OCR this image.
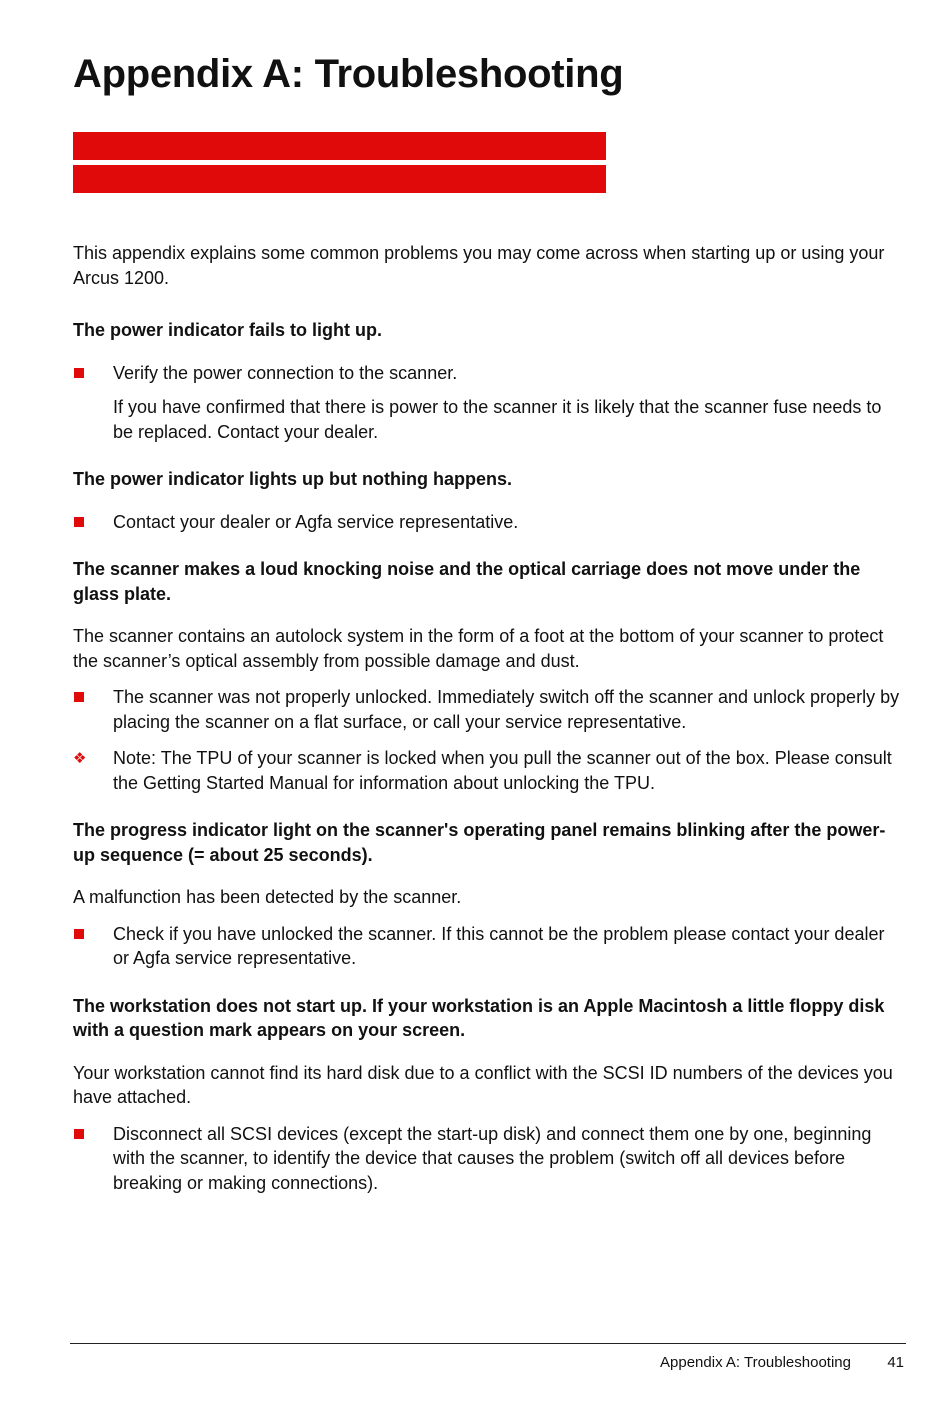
Appendix A: Troubleshooting

This appendix explains some common problems you may come across when starting up or using your Arcus 1200.

The power indicator fails to light up.

Verify the power connection to the scanner.

If you have confirmed that there is power to the scanner it is likely that the scanner fuse needs to be replaced. Contact your dealer.

The power indicator lights up but nothing happens.

Contact your dealer or Agfa service representative.

The scanner makes a loud knocking noise and the optical carriage does not move under the glass plate.

The scanner contains an autolock system in the form of a foot at the bottom of your scanner to protect the scanner’s optical assembly from possible damage and dust.

The scanner was not properly unlocked. Immediately switch off the scanner and unlock properly by placing the scanner on a flat surface, or call your service representative.
❖ Note: The TPU of your scanner is locked when you pull the scanner out of the box. Please consult the Getting Started Manual for information about unlocking the TPU.

The progress indicator light on the scanner's operating panel remains blinking after the power-up sequence (= about 25 seconds).

A malfunction has been detected by the scanner.

Check if you have unlocked the scanner. If this cannot be the problem please contact your dealer or Agfa service representative.

The workstation does not start up. If your workstation is an Apple Macintosh a little floppy disk with a question mark appears on your screen.

Your workstation cannot find its hard disk due to a conflict with the SCSI ID numbers of the devices you have attached.

Disconnect all SCSI devices (except the start-up disk) and connect them one by one, beginning with the scanner, to identify the device that causes the problem (switch off all devices before breaking or making connections).
Appendix A: Troubleshooting 41
